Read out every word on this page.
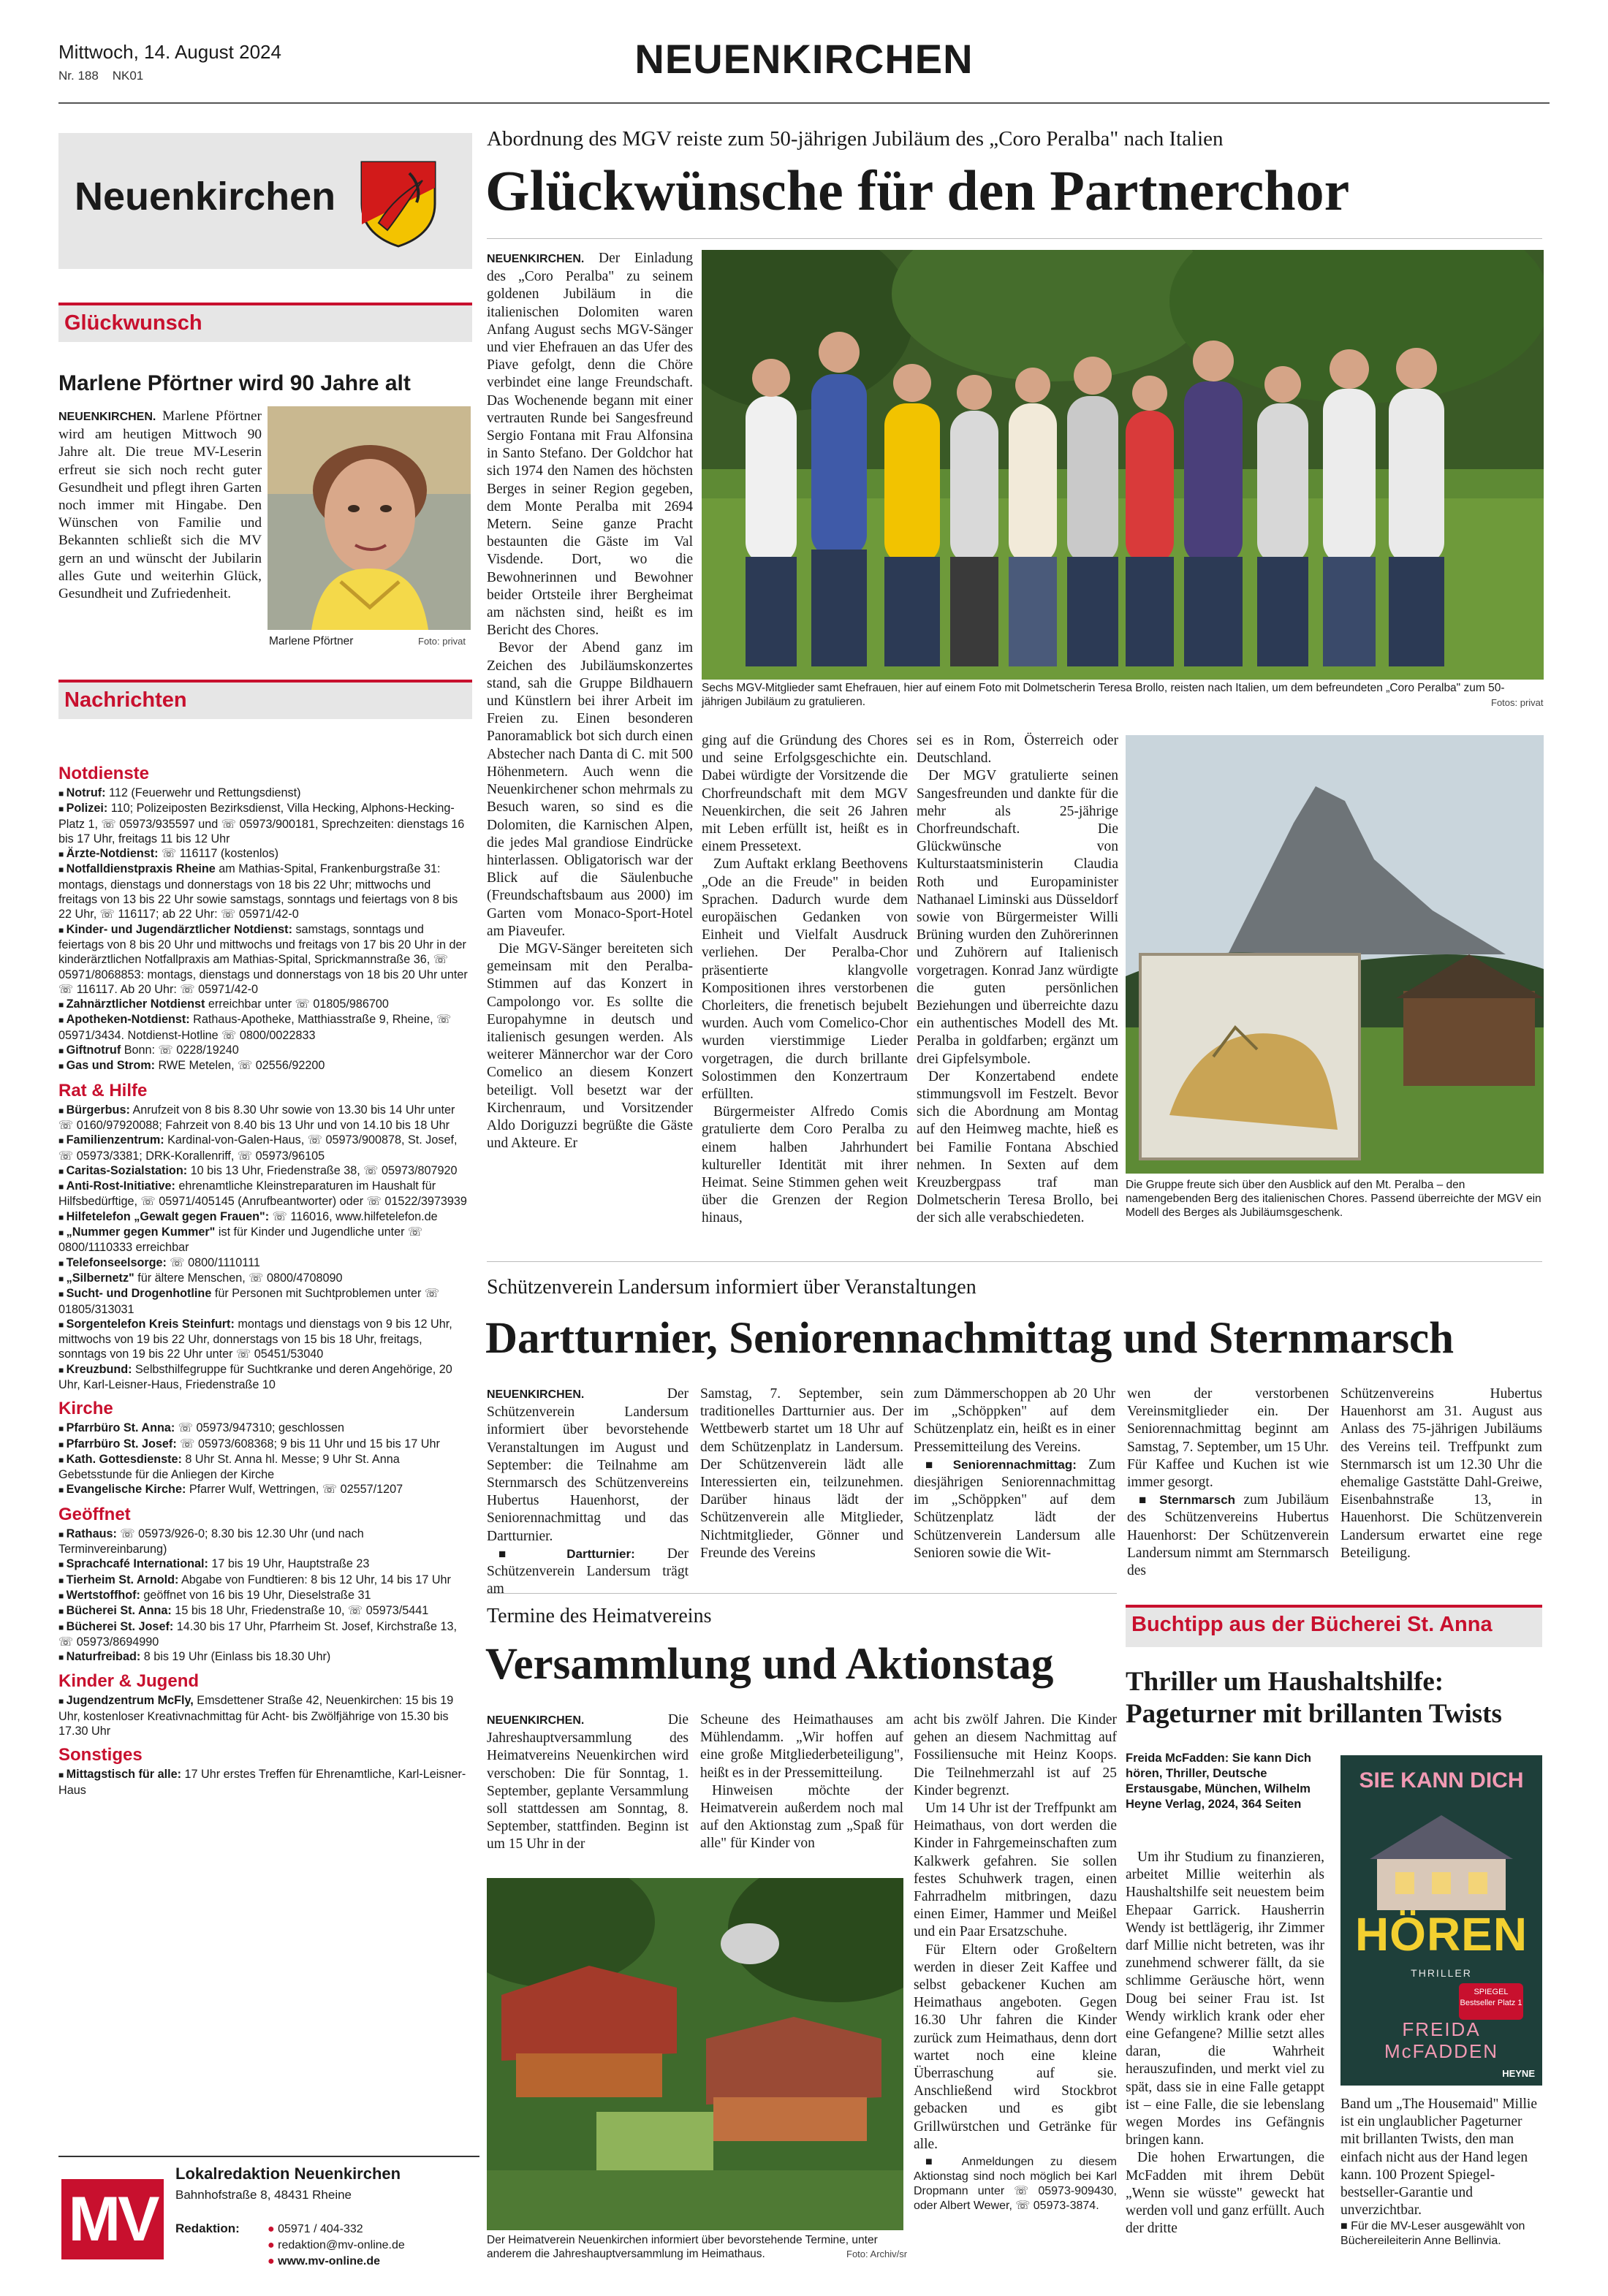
Mittwoch, 14. August 2024
Nr. 188 NK01	NEUENKIRCHEN
Neuenkirchen
Glückwunsch
Marlene Pförtner wird 90 Jahre alt
NEUENKIRCHEN. Marlene Pförtner wird am heutigen Mittwoch 90 Jahre alt. Die treue MV-Leserin erfreut sie sich noch recht guter Gesundheit und pflegt ihren Garten noch immer mit Hingabe. Den Wünschen von Familie und Bekannten schließt sich die MV gern an und wünscht der Jubilarin alles Gute und weiterhin Glück, Gesundheit und Zufriedenheit.
Marlene Pförtner	Foto: privat
Nachrichten
Notdienste
■ Notruf: 112 (Feuerwehr und Rettungsdienst)
■ Polizei: 110; Polizeiposten Bezirksdienst, Villa Hecking, Alphons-Hecking-Platz 1, ☏ 05973/935597 und ☏ 05973/900181, Sprechzeiten: dienstags 16 bis 17 Uhr, freitags 11 bis 12 Uhr
■ Ärzte-Notdienst: ☏ 116117 (kostenlos)
■ Notfalldienstpraxis Rheine am Mathias-Spital, Frankenburgstraße 31: montags, dienstags und donnerstags von 18 bis 22 Uhr; mittwochs und freitags von 13 bis 22 Uhr sowie samstags, sonntags und feiertags von 8 bis 22 Uhr, ☏ 116117; ab 22 Uhr: ☏ 05971/42-0
■ Kinder- und Jugendärztlicher Notdienst: samstags, sonntags und feiertags von 8 bis 20 Uhr und mittwochs und freitags von 17 bis 20 Uhr in der kinderärztlichen Notfallpraxis am Mathias-Spital, Sprickmannstraße 36, ☏ 05971/8068853: montags, dienstags und donnerstags von 18 bis 20 Uhr unter ☏ 116117. Ab 20 Uhr: ☏ 05971/42-0
■ Zahnärztlicher Notdienst erreichbar unter ☏ 01805/986700
■ Apotheken-Notdienst: Rathaus-Apotheke, Matthiasstraße 9, Rheine, ☏ 05971/3434. Notdienst-Hotline ☏ 0800/0022833
■ Giftnotruf Bonn: ☏ 0228/19240
■ Gas und Strom: RWE Metelen, ☏ 02556/92200
Rat & Hilfe
■ Bürgerbus: Anrufzeit von 8 bis 8.30 Uhr sowie von 13.30 bis 14 Uhr unter ☏ 0160/97920088; Fahrzeit von 8.40 bis 13 Uhr und von 14.10 bis 18 Uhr
■ Familienzentrum: Kardinal-von-Galen-Haus, ☏ 05973/900878, St. Josef, ☏ 05973/3381; DRK-Korallenriff, ☏ 05973/96105
■ Caritas-Sozialstation: 10 bis 13 Uhr, Friedenstraße 38, ☏ 05973/807920
■ Anti-Rost-Initiative: ehrenamtliche Kleinstreparaturen im Haushalt für Hilfsbedürftige, ☏ 05971/405145 (Anrufbeantworter) oder ☏ 01522/3973939
■ Hilfetelefon „Gewalt gegen Frauen": ☏ 116016, www.hilfetelefon.de
■ „Nummer gegen Kummer" ist für Kinder und Jugendliche unter ☏ 0800/1110333 erreichbar
■ Telefonseelsorge: ☏ 0800/1110111
■ „Silbernetz" für ältere Menschen, ☏ 0800/4708090
■ Sucht- und Drogenhotline für Personen mit Suchtproblemen unter ☏ 01805/313031
■ Sorgentelefon Kreis Steinfurt: montags und dienstags von 9 bis 12 Uhr, mittwochs von 19 bis 22 Uhr, donnerstags von 15 bis 18 Uhr, freitags, sonntags von 19 bis 22 Uhr unter ☏ 05451/53040
■ Kreuzbund: Selbsthilfegruppe für Suchtkranke und deren Angehörige, 20 Uhr, Karl-Leisner-Haus, Friedenstraße 10
Kirche
■ Pfarrbüro St. Anna: ☏ 05973/947310; geschlossen
■ Pfarrbüro St. Josef: ☏ 05973/608368; 9 bis 11 Uhr und 15 bis 17 Uhr
■ Kath. Gottesdienste: 8 Uhr St. Anna hl. Messe; 9 Uhr St. Anna Gebetsstunde für die Anliegen der Kirche
■ Evangelische Kirche: Pfarrer Wulf, Wettringen, ☏ 02557/1207
Geöffnet
■ Rathaus: ☏ 05973/926-0; 8.30 bis 12.30 Uhr (und nach Terminvereinbarung)
■ Sprachcafé International: 17 bis 19 Uhr, Hauptstraße 23
■ Tierheim St. Arnold: Abgabe von Fundtieren: 8 bis 12 Uhr, 14 bis 17 Uhr
■ Wertstoffhof: geöffnet von 16 bis 19 Uhr, Dieselstraße 31
■ Bücherei St. Anna: 15 bis 18 Uhr, Friedenstraße 10, ☏ 05973/5441
■ Bücherei St. Josef: 14.30 bis 17 Uhr, Pfarrheim St. Josef, Kirchstraße 13, ☏ 05973/8694990
■ Naturfreibad: 8 bis 19 Uhr (Einlass bis 18.30 Uhr)
Kinder & Jugend
■ Jugendzentrum McFly, Emsdettener Straße 42, Neuenkirchen: 15 bis 19 Uhr, kostenloser Kreativnachmittag für Acht- bis Zwölfjährige von 15.30 bis 17.30 Uhr
Sonstiges
■ Mittagstisch für alle: 17 Uhr erstes Treffen für Ehrenamtliche, Karl-Leisner-Haus
MV
Lokalredaktion Neuenkirchen
Bahnhofstraße 8, 48431 Rheine
Redaktion: ● 05971 / 404-332
● redaktion@mv-online.de
● www.mv-online.de
Abordnung des MGV reiste zum 50-jährigen Jubiläum des „Coro Peralba" nach Italien
Glückwünsche für den Partnerchor

NEUENKIRCHEN. Der Einladung des „Coro Peralba" zu seinem goldenen Jubiläum in die italienischen Dolomiten waren Anfang August sechs MGV-Sänger und vier Ehefrauen an das Ufer des Piave gefolgt, denn die Chöre verbindet eine lange Freundschaft. Das Wochenende begann mit einer vertrauten Runde bei Sangesfreund Sergio Fontana mit Frau Alfonsina in Santo Stefano. Der Goldchor hat sich 1974 den Namen des höchsten Berges in seiner Region gegeben, dem Monte Peralba mit 2694 Metern. Seine ganze Pracht bestaunten die Gäste im Val Visdende. Dort, wo die Bewohnerinnen und Bewohner beider Ortsteile ihrer Bergheimat am nächsten sind, heißt es im Bericht des Chores.

Bevor der Abend ganz im Zeichen des Jubiläumskonzertes stand, sah die Gruppe Bildhauern und Künstlern bei ihrer Arbeit im Freien zu. Einen besonderen Panoramablick bot sich durch einen Abstecher nach Danta di C. mit 500 Höhenmetern. Auch wenn die Neuenkirchener schon mehrmals zu Besuch waren, so sind es die Dolomiten, die Karnischen Alpen, die jedes Mal grandiose Eindrücke hinterlassen. Obligatorisch war der Blick auf die Säulenbuche (Freundschaftsbaum aus 2000) im Garten vom Monaco-Sport-Hotel am Piaveufer.

Die MGV-Sänger bereiteten sich gemeinsam mit den Peralba-Stimmen auf das Konzert in Campolongo vor. Es sollte die Europahymne in deutsch und italienisch gesungen werden. Als weiterer Männerchor war der Coro Comelico an diesem Konzert beteiligt. Voll besetzt war der Kirchenraum, und Vorsitzender Aldo Doriguzzi begrüßte die Gäste und Akteure. Er

Sechs MGV-Mitglieder samt Ehefrauen, hier auf einem Foto mit Dolmetscherin Teresa Brollo, reisten nach Italien, um dem befreundeten „Coro Peralba" zum 50-jährigen Jubiläum zu gratulieren.	Fotos: privat

ging auf die Gründung des Chores und seine Erfolgsgeschichte ein. Dabei würdigte der Vorsitzende die Chorfreundschaft mit dem MGV Neuenkirchen, die seit 26 Jahren mit Leben erfüllt ist, heißt es in einem Pressetext.

Zum Auftakt erklang Beethovens „Ode an die Freude" in beiden Sprachen. Dadurch wurde dem europäischen Gedanken von Einheit und Vielfalt Ausdruck verliehen. Der Peralba-Chor präsentierte klangvolle Kompositionen ihres verstorbenen Chorleiters, die frenetisch bejubelt wurden. Auch vom Comelico-Chor wurden vierstimmige Lieder vorgetragen, die durch brillante Solostimmen den Konzertraum erfüllten.

Bürgermeister Alfredo Comis gratulierte dem Coro Peralba zu einem halben Jahrhundert kultureller Identität mit ihrer Heimat. Seine Stimmen gehen weit über die Grenzen der Region hinaus,

sei es in Rom, Österreich oder Deutschland.

Der MGV gratulierte seinen Sangesfreunden und dankte für die mehr als 25-jährige Chorfreundschaft. Die Glückwünsche von Kulturstaatsministerin Claudia Roth und Europaminister Nathanael Liminski aus Düsseldorf sowie von Bürgermeister Willi Brüning wurden den Zuhörerinnen und Zuhörern auf Italienisch vorgetragen. Konrad Janz würdigte die guten persönlichen Beziehungen und überreichte dazu ein authentisches Modell des Mt. Peralba in goldfarben; ergänzt um drei Gipfelsymbole.

Der Konzertabend endete stimmungsvoll im Festzelt. Bevor sich die Abordnung am Montag auf den Heimweg machte, hieß es bei Familie Fontana Abschied nehmen. In Sexten auf dem Kreuzbergpass traf man Dolmetscherin Teresa Brollo, bei der sich alle verabschiedeten.

Die Gruppe freute sich über den Ausblick auf den Mt. Peralba – den namengebenden Berg des italienischen Chores. Passend überreichte der MGV ein Modell des Berges als Jubiläumsgeschenk.
Schützenverein Landersum informiert über Veranstaltungen
Dartturnier, Seniorennachmittag und Sternmarsch

NEUENKIRCHEN.	Der Schützenverein Landersum informiert über bevorstehende Veranstaltungen im August und September: die Teilnahme am Sternmarsch des Schützenvereins Hubertus Hauenhorst, der Seniorennachmittag und das Dartturnier.

■ Dartturnier: Der Schützenverein Landersum trägt am

Samstag, 7. September, sein traditionelles Dartturnier aus. Der Wettbewerb startet um 18 Uhr auf dem Schützenplatz in Landersum. Der Schützenverein lädt alle Interessierten ein, teilzunehmen. Darüber hinaus lädt der Schützenverein alle Mitglieder, Nichtmitglieder, Gönner und Freunde des Vereins

zum Dämmerschoppen ab 20 Uhr im „Schöppken" auf dem Schützenplatz ein, heißt es in einer Pressemitteilung des Vereins.

■ Seniorennachmittag: Zum diesjährigen Seniorennachmittag im „Schöppken" auf dem Schützenplatz lädt der Schützenverein Landersum alle Senioren sowie die Wit-

wen der verstorbenen Vereinsmitglieder ein. Der Seniorennachmittag beginnt am Samstag, 7. September, um 15 Uhr. Für Kaffee und Kuchen ist wie immer gesorgt.

■ Sternmarsch zum Jubiläum des Schützenvereins Hubertus Hauenhorst: Der Schützenverein Landersum nimmt am Sternmarsch des

Schützenvereins Hubertus Hauenhorst am 31. August aus Anlass des 75-jährigen Jubiläums des Vereins teil. Treffpunkt zum Sternmarsch ist um 12.30 Uhr die ehemalige Gaststätte Dahl-Greiwe, Eisenbahnstraße 13, in Hauenhorst. Die Schützenverein Landersum erwartet eine rege Beteiligung.

Termine des Heimatvereins
Versammlung und Aktionstag

NEUENKIRCHEN.	Die Jahreshauptversammlung des Heimatvereins Neuenkirchen wird verschoben: Die für Sonntag, 1. September, geplante Versammlung soll stattdessen am Sonntag, 8. September, stattfinden. Beginn ist um 15 Uhr in der

Scheune des Heimathauses am Mühlendamm. „Wir hoffen auf eine große Mitgliederbeteiligung", heißt es in der Pressemitteilung.

Hinweisen möchte der Heimatverein außerdem noch mal auf den Aktionstag zum „Spaß für alle" für Kinder von

acht bis zwölf Jahren. Die Kinder gehen an diesem Nachmittag auf Fossiliensuche mit Heinz Koops. Die Teilnehmerzahl ist auf 25 Kinder begrenzt.

Um 14 Uhr ist der Treffpunkt am Heimathaus, von dort werden die Kinder in Fahrgemeinschaften zum Kalkwerk gefahren. Sie sollen festes Schuhwerk tragen, einen Fahrradhelm mitbringen, dazu einen Eimer, Hammer und Meißel und ein Paar Ersatzschuhe.

Für Eltern oder Großeltern werden in dieser Zeit Kaffee und selbst gebackener Kuchen am Heimathaus angeboten. Gegen 16.30 Uhr fahren die Kinder zurück zum Heimathaus, denn dort wartet noch eine kleine Überraschung auf sie. Anschließend wird Stockbrot gebacken und es gibt Grillwürstchen und Getränke für alle.

■ Anmeldungen zu diesem Aktionstag sind noch möglich bei Karl Dropmann unter ☏ 05973-909430, oder Albert Wewer, ☏ 05973-3874.

Der Heimatverein Neuenkirchen informiert über bevorstehende Termine, unter anderem die Jahreshauptversammlung im Heimathaus.	Foto: Archiv/sr
Buchtipp aus der Bücherei St. Anna
Thriller um Haushaltshilfe: Pageturner mit brillanten Twists
Freida McFadden: Sie kann Dich hören, Thriller, Deutsche Erstausgabe, München, Wilhelm Heyne Verlag, 2024, 364 Seiten

Um ihr Studium zu finanzieren, arbeitet Millie weiterhin als Haushaltshilfe seit neuestem beim Ehepaar Garrick. Hausherrin Wendy ist bettlägerig, ihr Zimmer darf Millie nicht betreten, was ihr zunehmend schwerer fällt, da sie schlimme Geräusche hört, wenn Doug bei seiner Frau ist. Ist Wendy wirklich krank oder eher eine Gefangene? Millie setzt alles daran, die Wahrheit herauszufinden, und merkt viel zu spät, dass sie in eine Falle getappt ist – eine Falle, die sie lebenslang wegen Mordes ins Gefängnis bringen kann.

Die hohen Erwartungen, die McFadden mit ihrem Debüt „Wenn sie wüsste" geweckt hat werden voll und ganz erfüllt. Auch der dritte

SIE KANN DICH
HÖREN
THRILLER
SPIEGEL Bestseller Platz 1
FREIDA
McFADDEN
HEYNE

Band um „The Housemaid" Millie ist ein unglaublicher Pageturner mit brillanten Twists, den man einfach nicht aus der Hand legen kann. 100 Prozent Spiegel-bestseller-Garantie und unverzichtbar.

■ Für die MV-Leser ausgewählt von Büchereileiterin Anne Bellinvia.
